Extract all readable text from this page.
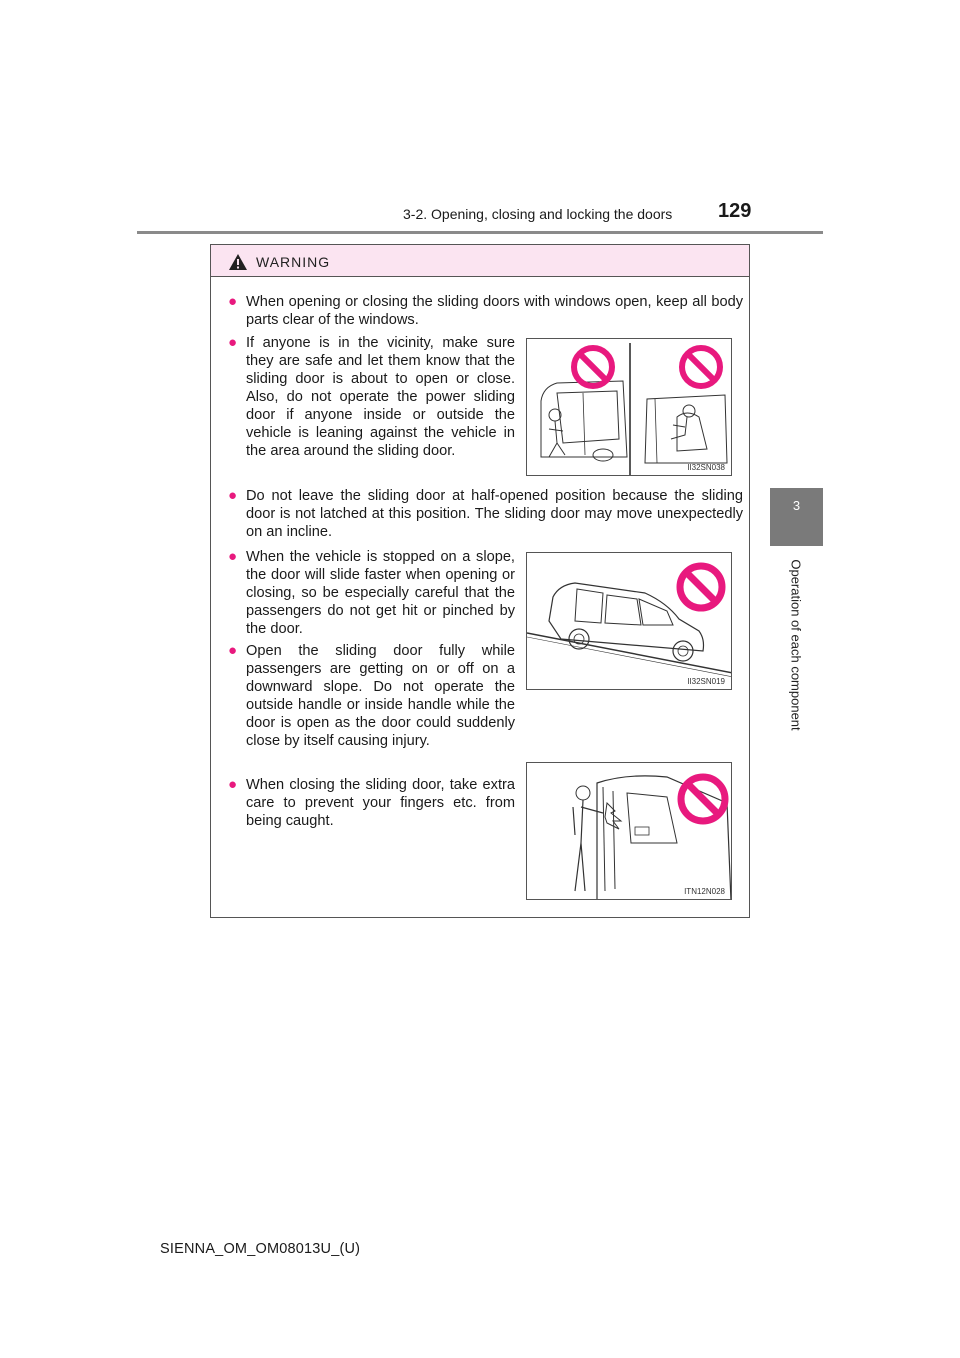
3-2. Opening, closing and locking the doors 129
3
Operation of each component
WARNING
● When opening or closing the sliding doors with windows open, keep all body parts clear of the windows.
● If anyone is in the vicinity, make sure they are safe and let them know that the sliding door is about to open or close. Also, do not operate the power sliding door if anyone inside or outside the vehicle is leaning against the vehicle in the area around the sliding door.
● Do not leave the sliding door at half-opened position because the sliding door is not latched at this position. The sliding door may move unexpectedly on an incline.
● When the vehicle is stopped on a slope, the door will slide faster when opening or closing, so be especially careful that the passengers do not get hit or pinched by the door.
● Open the sliding door fully while passengers are getting on or off on a downward slope. Do not operate the outside handle or inside handle while the door is open as the door could suddenly close by itself causing injury.
● When closing the sliding door, take extra care to prevent your fingers etc. from being caught.
II32SN038
II32SN019
ITN12N028
SIENNA_OM_OM08013U_(U)
